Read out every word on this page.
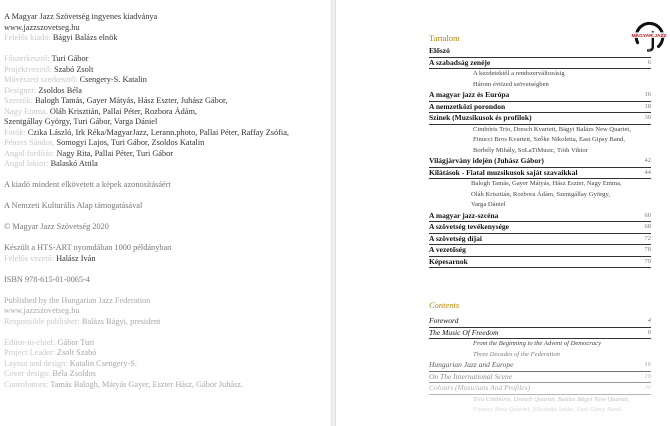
A Magyar Jazz Szövetség ingyenes kiadványa
www.jazzszovetseg.hu
Felelős kiadó: Bágyi Balázs elnök
Főszerkesztő: Turi Gábor
Projektvezető: Szabó Zsolt
Művészeti szerkesztő: Csengery-S. Katalin
Designer: Zsoldos Béla
Szerzők: Balogh Tamás, Gayer Mátyás, Hász Eszter, Juhász Gábor,
Nagy Emma, Oláh Krisztián, Pallai Péter, Rozbora Ádám,
Szentgállay György, Turi Gábor, Varga Dániel
Fotók: Czika László, Irk Réka/MagyarJazz, Lerann.photo, Pallai Péter, Raffay Zsófia,
Pénzes Sándor, Somogyi Lajos, Turi Gábor, Zsoldos Katalin
Angol fordítás: Nagy Rita, Pallai Péter, Turi Gábor
Angol lektor: Balaskó Attila
A kiadó mindent elkövetett a képek azonosításáért
A Nemzeti Kulturális Alap támogatásával
© Magyar Jazz Szövetség 2020
Készült a HTS-ART nyomdában 1000 példányban
Felelős vezető: Halász Iván
ISBN 978-615-01-0065-4
Published by the Hungarian Jazz Federation
www.jazzszovetseg.hu
Responsible publisher: Balázs Bágyi, president
Editor-in-chief: Gábor Turi
Project Leader: Zsolt Szabó
Layout and design: Katalin Csengery-S.
Cover design: Béla Zsoldos
Contributors: Tamás Balogh, Mátyás Gayer, Eszter Hász, Gábor Juhász,
MAGYAR JAZZ
Tartalom
Előszó	4
A szabadság zenéje	6
A kezdetektől a rendszerváltozásig
Három évtized szövetségben
A magyar jazz és Európa	16
A nemzetközi porondon	18
Színek (Muzsikusok és profilok)	30
Cimbóris Trio, Dresch Kvartett, Bágyi Balázs New Quartet,
Finucci Bros Kvartett, Szőke Nikoletta, East Gipsy Band,
Borbély Mihály, SoLaTiMusic, Tóth Viktor
Világjárvány idején (Juhász Gábor)	42
Kilátások - Fiatal muzsikusok saját szavaikkal	44
Balogh Tamás, Gayer Mátyás, Hász Eszter, Nagy Emma,
Oláh Krisztián, Rozbora Ádám, Szentgállay György,
Varga Dániel
A magyar jazz-szcéna	60
A szövetség tevékenysége	68
A szövetség díjai	72
A vezetőség	78
Képesarnok	79
Contents
Foreword	4
The Music Of Freedom	6
From the Beginning to the Advent of Democracy
Three Decades of the Federation
Hungarian Jazz and Europe	16
On The International Scene	18
Colours (Musicians And Profiles)	30
Trio Cimbóris, Dresch Quartet, Balázs Bágyi New Quartet,
Finucci Bros Quartet, Nikoletta Szőke, East Gipsy Band,
